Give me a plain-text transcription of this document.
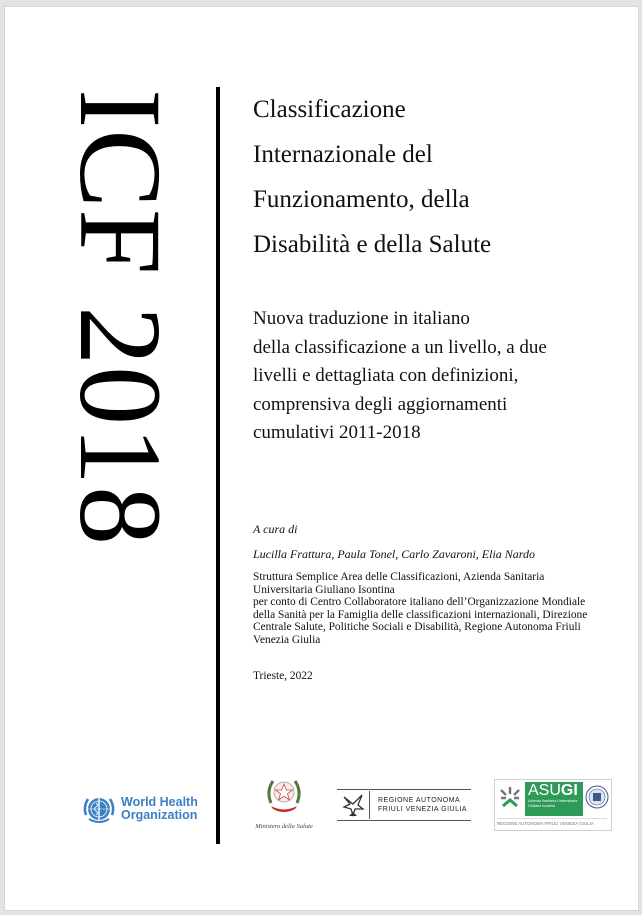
ICF 2018	Classificazione
Internazionale del
Funzionamento, della
Disabilità e della Salute
Nuova traduzione in italiano
della classificazione a un livello, a due
livelli e dettagliata con definizioni,
comprensiva degli aggiornamenti
cumulativi 2011-2018
A cura di
Lucilla Frattura, Paula Tonel, Carlo Zavaroni, Elia Nardo
Struttura Semplice Area delle Classificazioni, Azienda Sanitaria
Universitaria Giuliano Isontina
per conto di Centro Collaboratore italiano dell’Organizzazione Mondiale
della Sanità per la Famiglia delle classificazioni internazionali, Direzione
Centrale Salute, Politiche Sociali e Disabilità, Regione Autonoma Friuli
Venezia Giulia
Trieste, 2022
World Health
Organization
Ministero della Salute
REGIONE AUTONOMA
FRIULI VENEZIA GIULIA
ASUGI
Azienda Sanitaria Universitaria
Giuliano Isontina
REGIONE AUTONOMA FRIULI VENEZIA GIULIA
